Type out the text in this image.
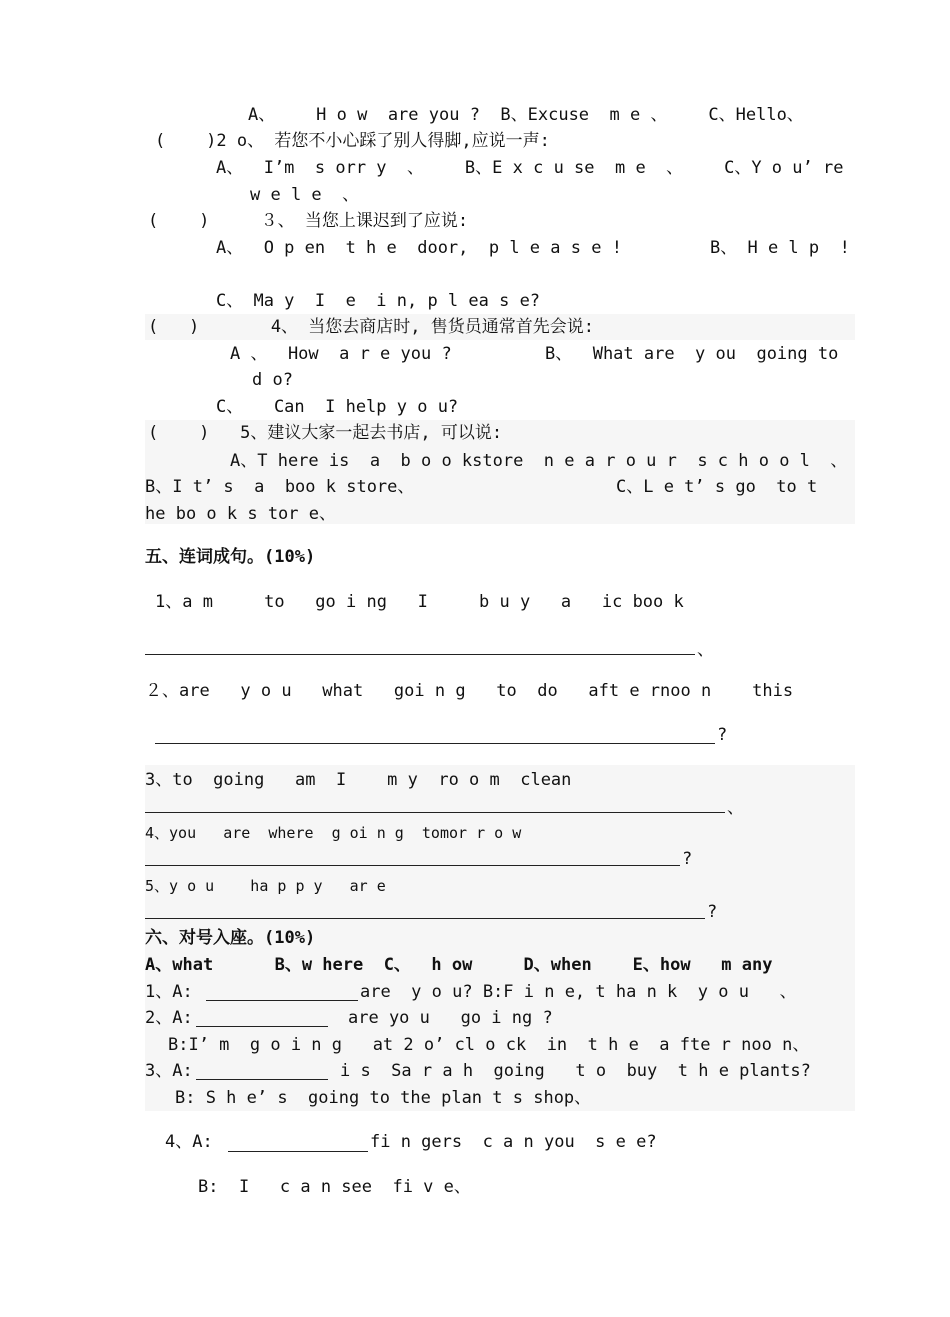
A、    H o w  are you ?  B、Excuse  m e 、    C、Hello、
(    )2 o、 若您不小心踩了别人得脚,应说一声:
A、  I’m  s orr y  、    B、E x c u se  m e  、    C、Y o u’ re
w e l e  、
(    )     ３、 当您上课迟到了应说:
A、  O p en  t h e  door,  p l e a s e !	B、 H e l p  !
C、 Ma y  I  e  i n, p l ea s e?
(   )       4、 当您去商店时, 售货员通常首先会说:
A 、  How  a r e you ?	B、  What are  y ou  going to
d o?
C、   Can  I help y o u?
(    )   5、建议大家一起去书店, 可以说:
A、T here is  a  b o o kstore  n e a r o u r  s c h o o l  、
B、I t’ s  a  boo k store、	C、L e t’ s go  to t
he bo o k s tor e、
五、连词成句。(10%)
1、a m     to   go i ng   I     b u y   a   ic boo k
、
２、are   y o u   what   goi n g   to  do   aft e rnoo n    this
?
3、to  going   am  I    m y  ro o m  clean
、
4、you   are  where  g oi n g  tomor r o w
?
5、y o u    ha p p y   ar e
?
六、对号入座。(10%)
A、what      B、w here  C、  h ow     D、when    E、how   m any
1、A:	are  y o u? B:F i n e, t ha n k  y o u   、
2、A:	are yo u   go i ng ?
B:I’ m  g o i n g   at 2 o’ cl o ck  in  t h e  a fte r noo n、
3、A:	i s  Sa r a h  going   t o  buy  t h e plants?
B: S h e’ s  going to the plan t s shop、
4、A:	fi n gers  c a n you  s e e?
B:  I   c a n see  fi v e、
